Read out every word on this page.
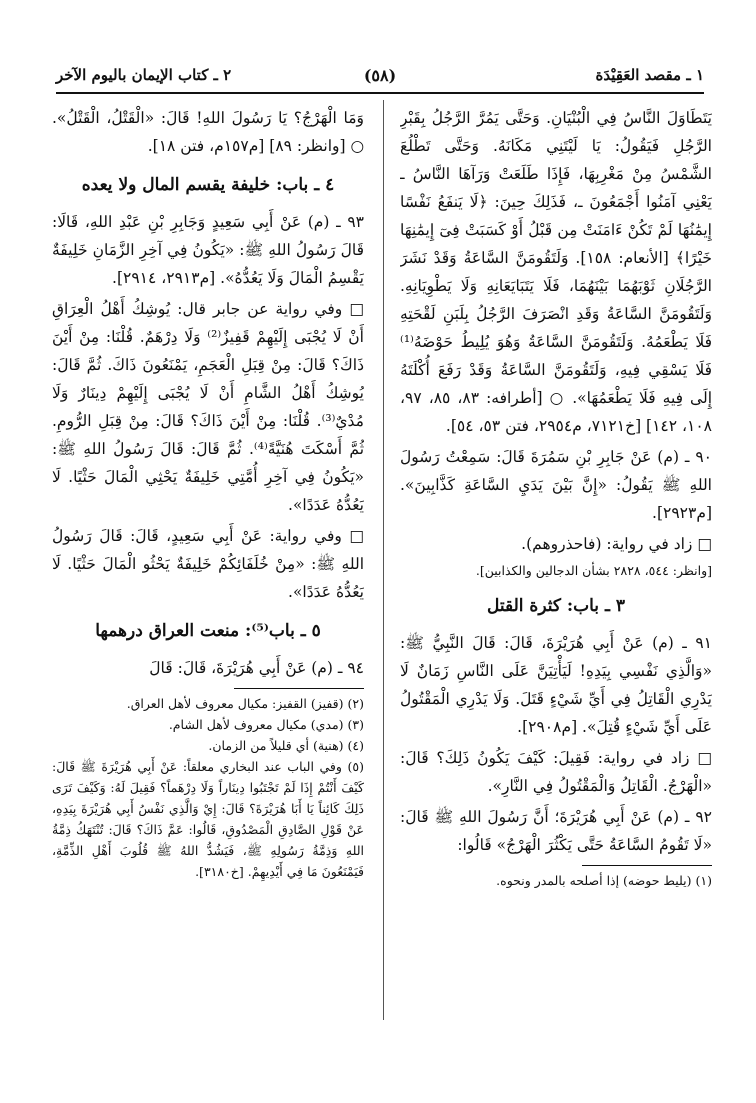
١ ـ مقصد العَقِيْدَة
(٥٨)
٢ ـ كتاب الإيمان باليوم الآخر

يَتَطَاوَلَ النَّاسُ فِي الْبُنْيَانِ. وَحَتَّى يَمُرَّ الرَّجُلُ بِقَبْرِ الرَّجُلِ فَيَقُولُ: يَا لَيْتَنِي مَكَانَهُ. وَحَتَّى تَطْلُعَ الشَّمْسُ مِنْ مَغْرِبِهَا، فَإِذَا طَلَعَتْ وَرَآهَا النَّاسُ ـ يَعْنِي آمَنُوا أَجْمَعُونَ ـ، فَذَلِكَ حِينَ: ﴿لَا يَنفَعُ نَفْسًا إِيمَٰنُهَا لَمْ تَكُنْ ءَامَنَتْ مِن قَبْلُ أَوْ كَسَبَتْ فِىٓ إِيمَٰنِهَا خَيْرًا﴾ [الأنعام: ١٥٨]. وَلَتَقُومَنَّ السَّاعَةُ وَقَدْ نَشَرَ الرَّجُلَانِ ثَوْبَهُمَا بَيْنَهُمَا، فَلَا يَتَبَايَعَانِهِ وَلَا يَطْوِيَانِهِ. وَلَتَقُومَنَّ السَّاعَةُ وَقَدِ انْصَرَفَ الرَّجُلُ بِلَبَنِ لَقْحَتِهِ فَلَا يَطْعَمُهُ. وَلَتَقُومَنَّ السَّاعَةُ وَهُوَ يُلِيطُ حَوْضَهُ⁽¹⁾ فَلَا يَسْقِي فِيهِ، وَلَتَقُومَنَّ السَّاعَةُ وَقَدْ رَفَعَ أُكْلَتَهُ إِلَى فِيهِ فَلَا يَطْعَمُهَا». ○ [أطرافه: ٨٣، ٨٥، ٩٧، ١٠٨، ١٤٢] [خ٧١٢١، م٢٩٥٤، فتن ٥٣، ٥٤].

٩٠ ـ (م) عَنْ جَابِرِ بْنِ سَمُرَةَ قَالَ: سَمِعْتُ رَسُولَ اللهِ ﷺ يَقُولُ: «إِنَّ بَيْنَ يَدَيِ السَّاعَةِ كَذَّابِينَ». [م٢٩٢٣].

□ زاد في رواية: (فاحذروهم).

[وانظر: ٥٤٤، ٢٨٢٨ بشأن الدجالين والكذابين].

٣ ـ باب: كثرة القتل

٩١ ـ (م) عَنْ أَبِي هُرَيْرَةَ، قَالَ: قَالَ النَّبِيُّ ﷺ: «وَالَّذِي نَفْسِي بِيَدِهِ! لَيَأْتِيَنَّ عَلَى النَّاسِ زَمَانٌ لَا يَدْرِي الْقَاتِلُ فِي أَيِّ شَيْءٍ قَتَلَ. وَلَا يَدْرِي الْمَقْتُولُ عَلَى أَيِّ شَيْءٍ قُتِلَ». [م٢٩٠٨].

□ زاد في رواية: فَقِيلَ: كَيْفَ يَكُونُ ذَلِكَ؟ قَالَ: «الْهَرْجُ. الْقَاتِلُ وَالْمَقْتُولُ فِي النَّارِ».

٩٢ ـ (م) عَنْ أَبِي هُرَيْرَةَ؛ أَنَّ رَسُولَ اللهِ ﷺ قَالَ: «لَا تَقُومُ السَّاعَةُ حَتَّى يَكْثُرَ الْهَرْجُ» قَالُوا:

(١) (يليط حوضه) إذا أصلحه بالمدر ونحوه.

وَمَا الْهَرْجُ؟ يَا رَسُولَ اللهِ! قَالَ: «الْقَتْلُ، الْقَتْلُ». ○ [وانظر: ٨٩] [م١٥٧م، فتن ١٨].

٤ ـ باب: خليفة يقسم المال ولا يعده

٩٣ ـ (م) عَنْ أَبِي سَعِيدٍ وَجَابِرِ بْنِ عَبْدِ اللهِ، قَالَا: قَالَ رَسُولُ اللهِ ﷺ: «يَكُونُ فِي آخِرِ الزَّمَانِ خَلِيفَةٌ يَقْسِمُ الْمَالَ وَلَا يَعُدُّهُ». [م٢٩١٣، ٢٩١٤].

□ وفي رواية عن جابر قال: يُوشِكُ أَهْلُ الْعِرَاقِ أَنْ لَا يُجْبَى إِلَيْهِمْ قَفِيزٌ⁽²⁾ وَلَا دِرْهَمٌ. قُلْنَا: مِنْ أَيْنَ ذَاكَ؟ قَالَ: مِنْ قِبَلِ الْعَجَمِ، يَمْنَعُونَ ذَاكَ. ثُمَّ قَالَ: يُوشِكُ أَهْلُ الشَّامِ أَنْ لَا يُجْبَى إِلَيْهِمْ دِينَارٌ وَلَا مُدْيٌ⁽³⁾. قُلْنَا: مِنْ أَيْنَ ذَاكَ؟ قَالَ: مِنْ قِبَلِ الرُّومِ. ثُمَّ أَسْكَتَ هُنَيَّةً⁽⁴⁾. ثُمَّ قَالَ: قَالَ رَسُولُ اللهِ ﷺ: «يَكُونُ فِي آخِرِ أُمَّتِي خَلِيفَةٌ يَحْثِي الْمَالَ حَثْيًا. لَا يَعُدُّهُ عَدَدًا».

□ وفي رواية: عَنْ أَبِي سَعِيدٍ، قَالَ: قَالَ رَسُولُ اللهِ ﷺ: «مِنْ خُلَفَائِكُمْ خَلِيفَةٌ يَحْثُو الْمَالَ حَثْيًا. لَا يَعُدُّهُ عَدَدًا».

٥ ـ باب⁽⁵⁾: منعت العراق درهمها

٩٤ ـ (م) عَنْ أَبِي هُرَيْرَةَ، قَالَ: قَالَ

(٢) (قفيز) القفيز: مكيال معروف لأهل العراق.

(٣) (مدي) مكيال معروف لأهل الشام.

(٤) (هنية) أي قليلاً من الزمان.

(٥) وفي الباب عند البخاري معلقاً: عَنْ أَبِي هُرَيْرَةَ ﷺ قَالَ: كَيْفَ أَنْتُمْ إِذَا لَمْ تَجْتَبُوا دِينَاراً وَلَا دِرْهَماً؟ فَقِيلَ لَهُ: وَكَيْفَ تَرَى ذَلِكَ كَائِناً يَا أَبَا هُرَيْرَةَ؟ قَالَ: إِيْ وَالَّذِي نَفْسُ أَبِي هُرَيْرَةَ بِيَدِهِ، عَنْ قَوْلِ الصَّادِقِ الْمَصْدُوقِ، قَالُوا: عَمَّ ذَاكَ؟ قَالَ: تُنْتَهَكُ ذِمَّةُ اللهِ وَذِمَّةُ رَسُولِهِ ﷺ، فَيَشُدُّ اللهُ ﷺ قُلُوبَ أَهْلِ الذِّمَّةِ، فَيَمْنَعُونَ مَا فِي أَيْدِيهِمْ. [خ٣١٨٠].
